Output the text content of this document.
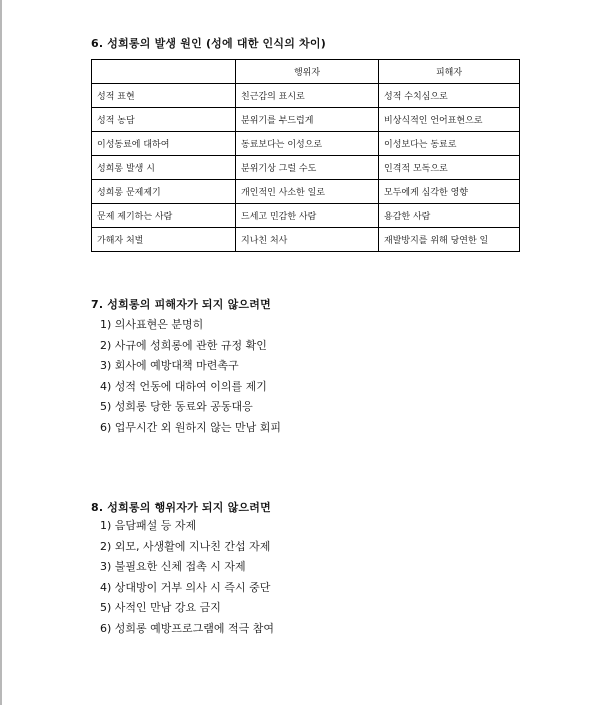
6. 성희롱의 발생 원인 (성에 대한 인식의 차이)
	행위자	피해자
성적 표현	친근감의 표시로	성적 수치심으로
성적 농담	분위기를 부드럽게	비상식적인 언어표현으로
이성동료에 대하여	동료보다는 이성으로	이성보다는 동료로
성희롱 발생 시	분위기상 그럴 수도	인격적 모독으로
성희롱 문제제기	개인적인 사소한 일로	모두에게 심각한 영향
문제 제기하는 사람	드세고 민감한 사람	용감한 사람
가해자 처벌	지나친 처사	재발방지를 위해 당연한 일
7. 성희롱의 피해자가 되지 않으려면
1) 의사표현은 분명히
2) 사규에 성희롱에 관한 규정 확인
3) 회사에 예방대책 마련촉구
4) 성적 언동에 대하여 이의를 제기
5) 성희롱 당한 동료와 공동대응
6) 업무시간 외 원하지 않는 만남 회피
8. 성희롱의 행위자가 되지 않으려면
1) 음담패설 등 자제
2) 외모, 사생활에 지나친 간섭 자제
3) 불필요한 신체 접촉 시 자제
4) 상대방이 거부 의사 시 즉시 중단
5) 사적인 만남 강요 금지
6) 성희롱 예방프로그램에 적극 참여
